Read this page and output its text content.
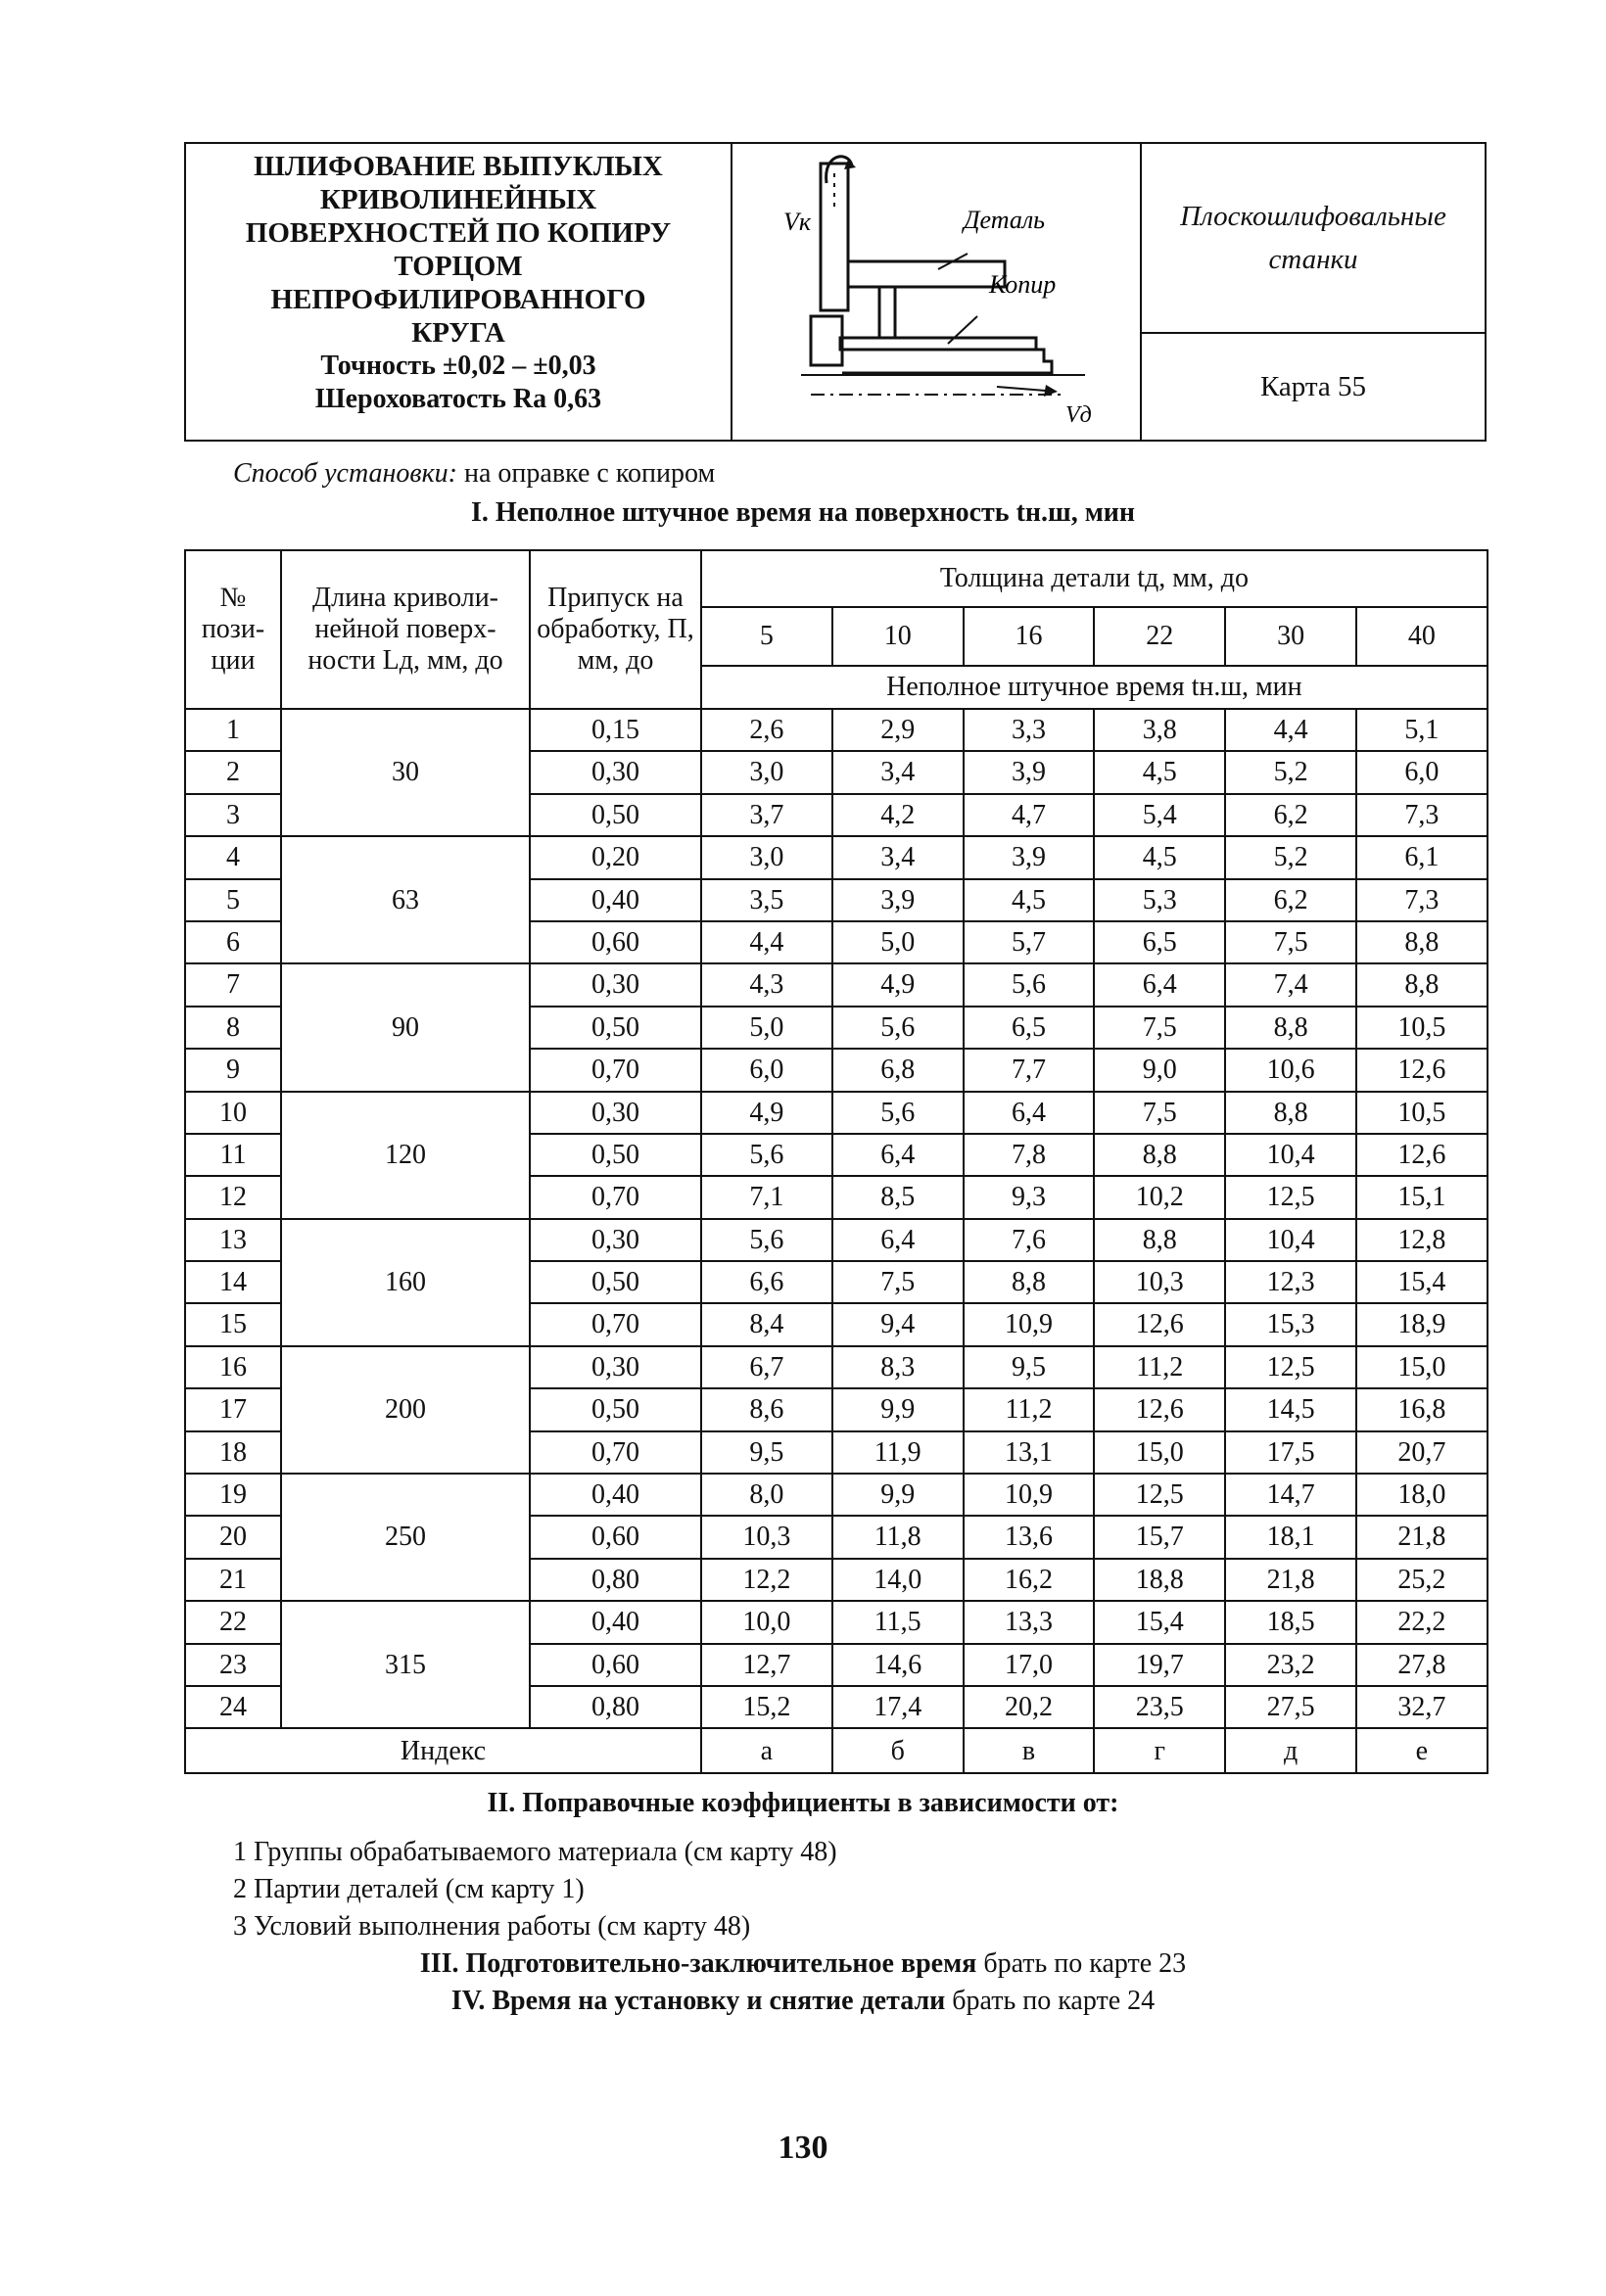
ШЛИФОВАНИЕ ВЫПУКЛЫХ
КРИВОЛИНЕЙНЫХ
ПОВЕРХНОСТЕЙ ПО КОПИРУ
ТОРЦОМ
НЕПРОФИЛИРОВАННОГО
КРУГА
Точность ±0,02 – ±0,03
Шероховатость Ra 0,63
Vк	Деталь
Копир
Vд
Плоскошлифовальные
станки
Карта 55
Способ установки: на оправке с копиром
I. Неполное штучное время на поверхность tн.ш, мин
№ пози-ции	Длина криволи-нейной поверх-ности Lд, мм, до	Припуск на обработку, П, мм, до	Толщина детали tд, мм, до					
			5	10	16	22	30	40
			Неполное штучное время tн.ш, мин					
1	30	0,15	2,6	2,9	3,3	3,8	4,4	5,1
2		0,30	3,0	3,4	3,9	4,5	5,2	6,0
3		0,50	3,7	4,2	4,7	5,4	6,2	7,3
4	63	0,20	3,0	3,4	3,9	4,5	5,2	6,1
5		0,40	3,5	3,9	4,5	5,3	6,2	7,3
6		0,60	4,4	5,0	5,7	6,5	7,5	8,8
7	90	0,30	4,3	4,9	5,6	6,4	7,4	8,8
8		0,50	5,0	5,6	6,5	7,5	8,8	10,5
9		0,70	6,0	6,8	7,7	9,0	10,6	12,6
10	120	0,30	4,9	5,6	6,4	7,5	8,8	10,5
11		0,50	5,6	6,4	7,8	8,8	10,4	12,6
12		0,70	7,1	8,5	9,3	10,2	12,5	15,1
13	160	0,30	5,6	6,4	7,6	8,8	10,4	12,8
14		0,50	6,6	7,5	8,8	10,3	12,3	15,4
15		0,70	8,4	9,4	10,9	12,6	15,3	18,9
16	200	0,30	6,7	8,3	9,5	11,2	12,5	15,0
17		0,50	8,6	9,9	11,2	12,6	14,5	16,8
18		0,70	9,5	11,9	13,1	15,0	17,5	20,7
19	250	0,40	8,0	9,9	10,9	12,5	14,7	18,0
20		0,60	10,3	11,8	13,6	15,7	18,1	21,8
21		0,80	12,2	14,0	16,2	18,8	21,8	25,2
22	315	0,40	10,0	11,5	13,3	15,4	18,5	22,2
23		0,60	12,7	14,6	17,0	19,7	23,2	27,8
24		0,80	15,2	17,4	20,2	23,5	27,5	32,7
Индекс			а	б	в	г	д	е
II. Поправочные коэффициенты в зависимости от:
1 Группы обрабатываемого материала (см карту 48)
2 Партии деталей (см карту 1)
3 Условий выполнения работы (см карту 48)
III. Подготовительно-заключительное время брать по карте 23
IV. Время на установку и снятие детали брать по карте 24
130
